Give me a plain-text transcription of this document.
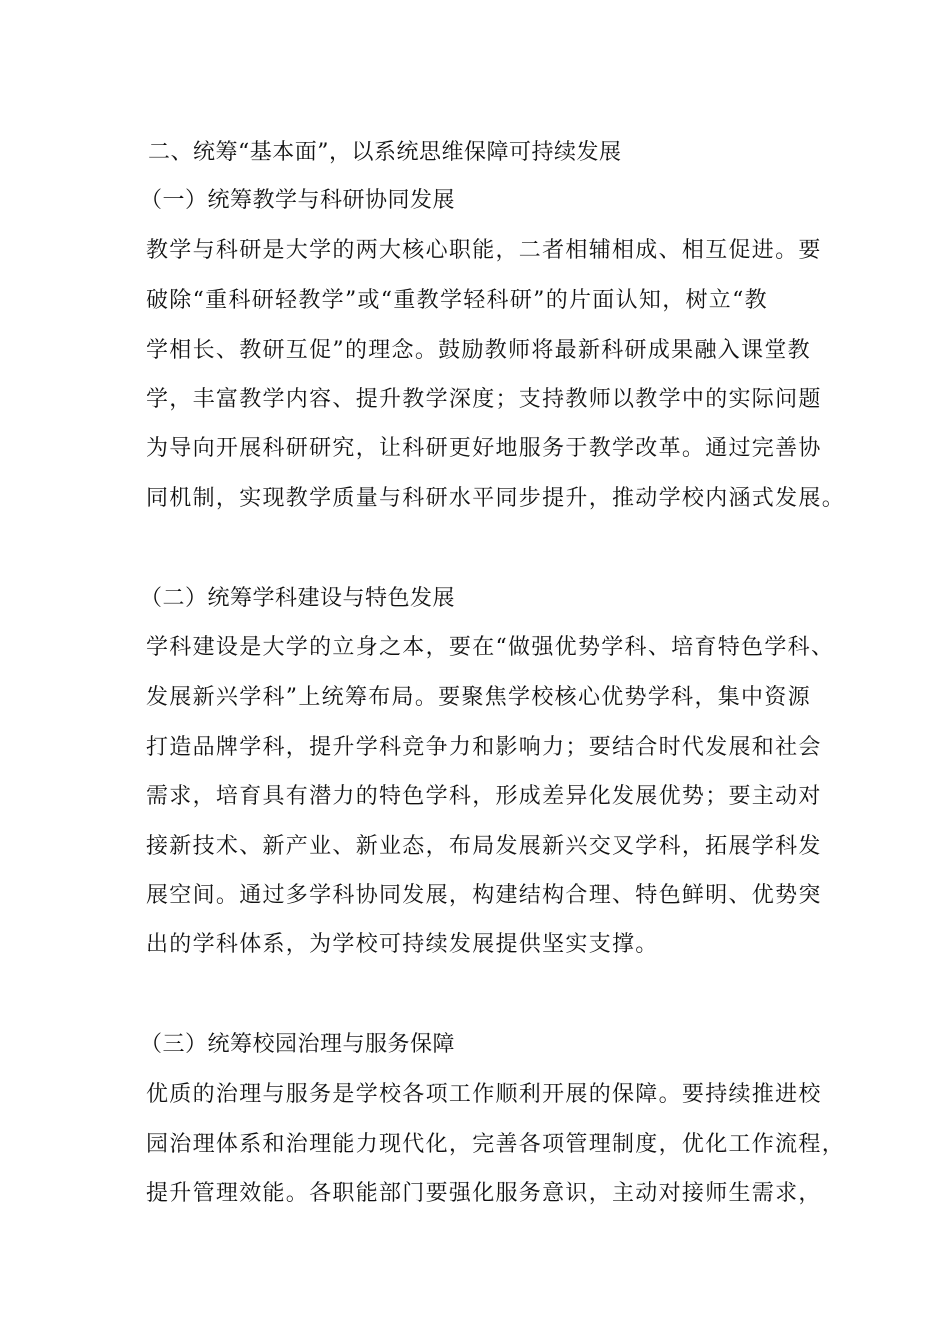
二、统筹“基本面”，以系统思维保障可持续发展
（一）统筹教学与科研协同发展
教学与科研是大学的两大核心职能，二者相辅相成、相互促进。要
破除“重科研轻教学”或“重教学轻科研”的片面认知，树立“教
学相长、教研互促”的理念。鼓励教师将最新科研成果融入课堂教
学，丰富教学内容、提升教学深度；支持教师以教学中的实际问题
为导向开展科研研究，让科研更好地服务于教学改革。通过完善协
同机制，实现教学质量与科研水平同步提升，推动学校内涵式发展。
（二）统筹学科建设与特色发展
学科建设是大学的立身之本，要在“做强优势学科、培育特色学科、
发展新兴学科”上统筹布局。要聚焦学校核心优势学科，集中资源
打造品牌学科，提升学科竞争力和影响力；要结合时代发展和社会
需求，培育具有潜力的特色学科，形成差异化发展优势；要主动对
接新技术、新产业、新业态，布局发展新兴交叉学科，拓展学科发
展空间。通过多学科协同发展，构建结构合理、特色鲜明、优势突
出的学科体系，为学校可持续发展提供坚实支撑。
（三）统筹校园治理与服务保障
优质的治理与服务是学校各项工作顺利开展的保障。要持续推进校
园治理体系和治理能力现代化，完善各项管理制度，优化工作流程，
提升管理效能。各职能部门要强化服务意识，主动对接师生需求，
